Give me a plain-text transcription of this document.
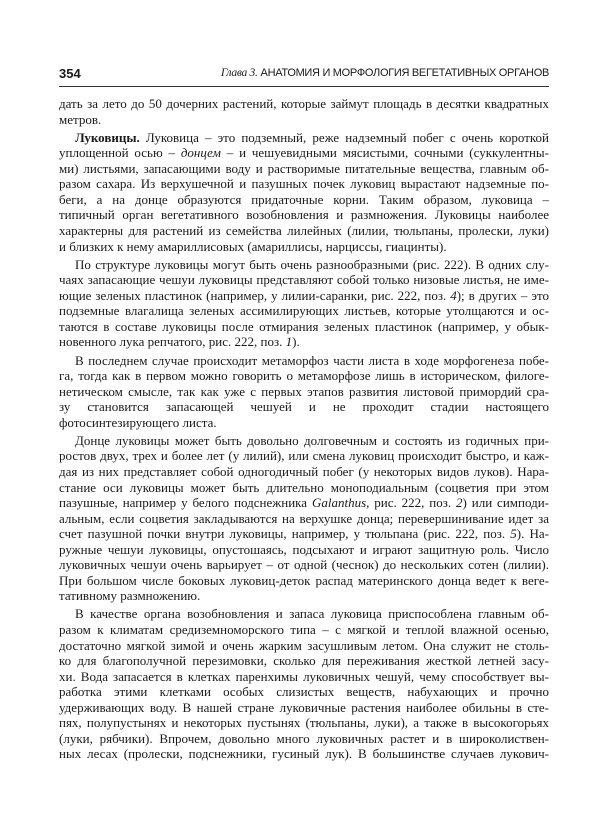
354	Глава 3. АНАТОМИЯ И МОРФОЛОГИЯ ВЕГЕТАТИВНЫХ ОРГАНОВ
дать за лето до 50 дочерних растений, которые займут площадь в десятки квадратных
метров.
Луковицы. Луковица – это подземный, реже надземный побег с очень короткой
уплощенной осью – донцем – и чешуевидными мясистыми, сочными (суккулентны-
ми) листьями, запасающими воду и растворимые питательные вещества, главным об-
разом сахара. Из верхушечной и пазушных почек луковиц вырастают надземные по-
беги, а на донце образуются придаточные корни. Таким образом, луковица –
типичный орган вегетативного возобновления и размножения. Луковицы наиболее
характерны для растений из семейства лилейных (лилии, тюльпаны, пролески, луки)
и близких к нему амариллисовых (амариллисы, нарциссы, гиацинты).
По структуре луковицы могут быть очень разнообразными (рис. 222). В одних слу-
чаях запасающие чешуи луковицы представляют собой только низовые листья, не име-
ющие зеленых пластинок (например, у лилии-саранки, рис. 222, поз. 4); в других – это
подземные влагалища зеленых ассимилирующих листьев, которые утолщаются и ос-
таются в составе луковицы после отмирания зеленых пластинок (например, у обык-
новенного лука репчатого, рис. 222, поз. 1).
В последнем случае происходит метаморфоз части листа в ходе морфогенеза побе-
га, тогда как в первом можно говорить о метаморфозе лишь в историческом, филоге-
нетическом смысле, так как уже с первых этапов развития листовой примордий сра-
зу становится запасающей чешуей и не проходит стадии настоящего
фотосинтезирующего листа.
Донце луковицы может быть довольно долговечным и состоять из годичных при-
ростов двух, трех и более лет (у лилий), или смена луковиц происходит быстро, и каж-
дая из них представляет собой одногодичный побег (у некоторых видов луков). Нара-
стание оси луковицы может быть длительно моноподиальным (соцветия при этом
пазушные, например у белого подснежника Galanthus, рис. 222, поз. 2) или симподи-
альным, если соцветия закладываются на верхушке донца; перевершинивание идет за
счет пазушной почки внутри луковицы, например, у тюльпана (рис. 222, поз. 5). На-
ружные чешуи луковицы, опустошаясь, подсыхают и играют защитную роль. Число
луковичных чешуи очень варьирует – от одной (чеснок) до нескольких сотен (лилии).
При большом числе боковых луковиц-деток распад материнского донца ведет к веге-
тативному размножению.
В качестве органа возобновления и запаса луковица приспособлена главным об-
разом к климатам средиземноморского типа – с мягкой и теплой влажной осенью,
достаточно мягкой зимой и очень жарким засушливым летом. Она служит не столь-
ко для благополучной перезимовки, сколько для переживания жесткой летней засу-
хи. Вода запасается в клетках паренхимы луковичных чешуй, чему способствует вы-
работка этими клетками особых слизистых веществ, набухающих и прочно
удерживающих воду. В нашей стране луковичные растения наиболее обильны в сте-
пях, полупустынях и некоторых пустынях (тюльпаны, луки), а также в высокогорьях
(луки, рябчики). Впрочем, довольно много луковичных растет и в широколиствен-
ных лесах (пролески, подснежники, гусиный лук). В большинстве случаев лукович-
